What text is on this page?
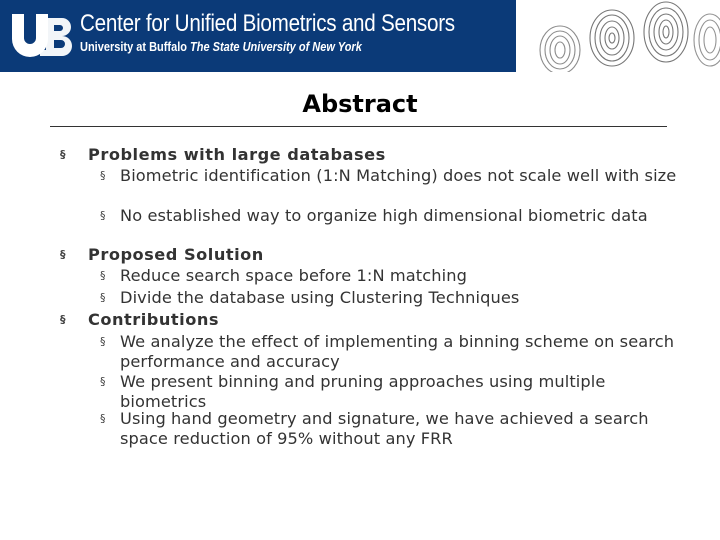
Center for Unified Biometrics and Sensors
University at Buffalo The State University of New York
Abstract
§ Problems with large databases
§ Biometric identification (1:N Matching) does not scale well with size
§ No established way to organize high dimensional biometric data
§ Proposed Solution
§ Reduce search space before 1:N matching
§ Divide the database using Clustering Techniques
§ Contributions
§ We analyze the effect of implementing a binning scheme on search performance and accuracy
§ We present binning and pruning approaches using multiple biometrics
§ Using hand geometry and signature, we have achieved a search space reduction of 95% without any FRR
